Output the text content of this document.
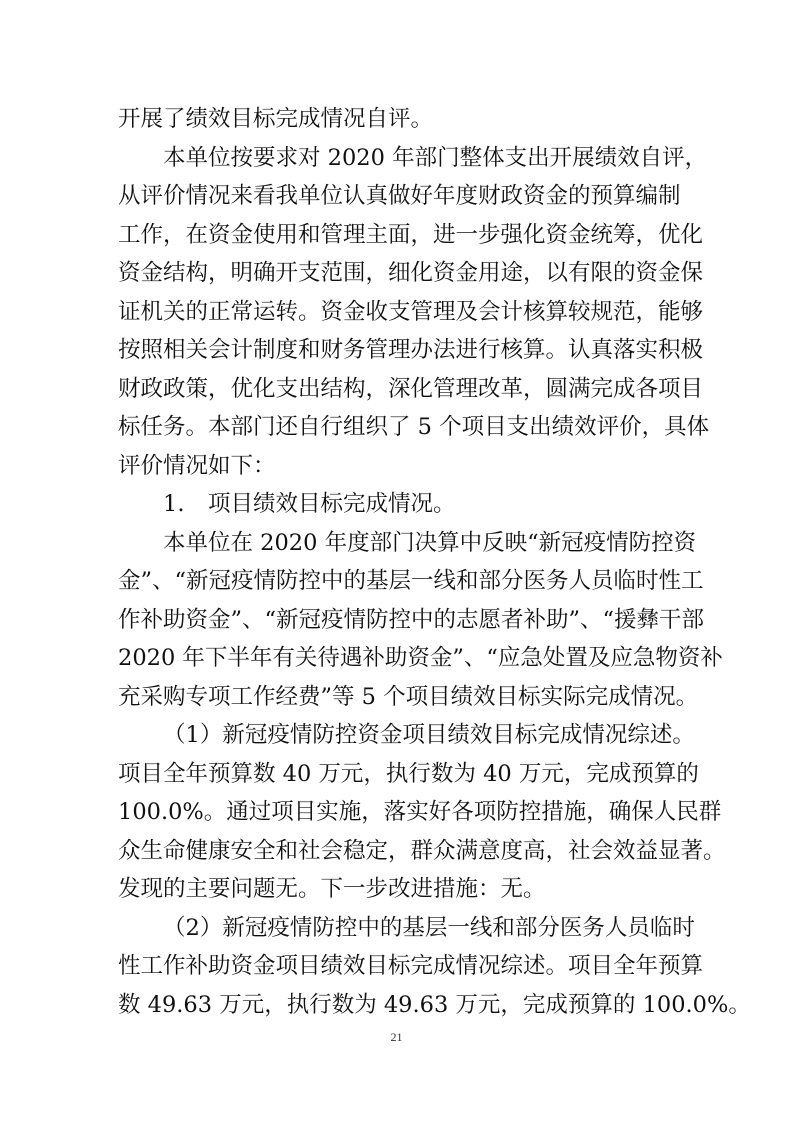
开展了绩效目标完成情况自评。
本单位按要求对 2020 年部门整体支出开展绩效自评，
从评价情况来看我单位认真做好年度财政资金的预算编制
工作，在资金使用和管理主面，进一步强化资金统筹，优化
资金结构，明确开支范围，细化资金用途，以有限的资金保
证机关的正常运转。资金收支管理及会计核算较规范，能够
按照相关会计制度和财务管理办法进行核算。认真落实积极
财政政策，优化支出结构，深化管理改革，圆满完成各项目
标任务。本部门还自行组织了 5 个项目支出绩效评价，具体
评价情况如下：
1. 项目绩效目标完成情况。
本单位在 2020 年度部门决算中反映“新冠疫情防控资
金”、“新冠疫情防控中的基层一线和部分医务人员临时性工
作补助资金”、“新冠疫情防控中的志愿者补助”、“援彝干部
2020 年下半年有关待遇补助资金”、“应急处置及应急物资补
充采购专项工作经费”等 5 个项目绩效目标实际完成情况。
（1）新冠疫情防控资金项目绩效目标完成情况综述。
项目全年预算数 40 万元，执行数为 40 万元，完成预算的
100.0%。通过项目实施，落实好各项防控措施，确保人民群
众生命健康安全和社会稳定，群众满意度高，社会效益显著。
发现的主要问题无。下一步改进措施：无。
21
（2）新冠疫情防控中的基层一线和部分医务人员临时
性工作补助资金项目绩效目标完成情况综述。项目全年预算
数 49.63 万元，执行数为 49.63 万元，完成预算的 100.0%。
